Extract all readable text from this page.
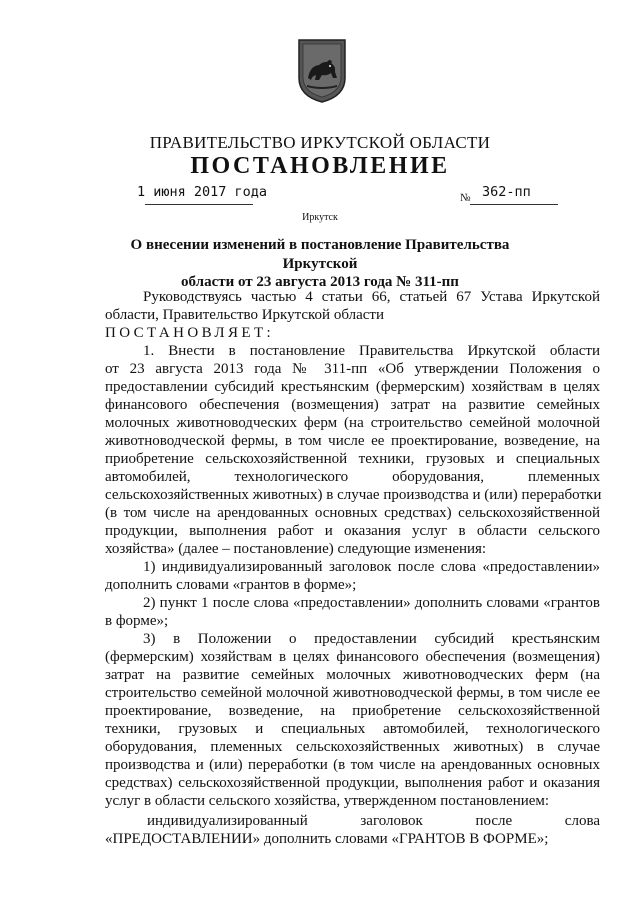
ПРАВИТЕЛЬСТВО ИРКУТСКОЙ ОБЛАСТИ
ПОСТАНОВЛЕНИЕ
1 июня 2017 года	№ 362-пп
Иркутск
О внесении изменений в постановление Правительства Иркутской
области от 23 августа 2013 года № 311-пп
Руководствуясь частью 4 статьи 66, статьей 67 Устава Иркутской
области, Правительство Иркутской области
ПОСТАНОВЛЯЕТ:
1. Внести в постановление Правительства Иркутской области
от 23 августа 2013 года № 311-пп «Об утверждении Положения о
предоставлении субсидий крестьянским (фермерским) хозяйствам в целях
финансового обеспечения (возмещения) затрат на развитие семейных
молочных животноводческих ферм (на строительство семейной молочной
животноводческой фермы, в том числе ее проектирование, возведение, на
приобретение сельскохозяйственной техники, грузовых и специальных
автомобилей, технологического оборудования, племенных
сельскохозяйственных животных) в случае производства и (или) переработки
(в том числе на арендованных основных средствах) сельскохозяйственной
продукции, выполнения работ и оказания услуг в области сельского
хозяйства» (далее – постановление) следующие изменения:
1) индивидуализированный заголовок после слова «предоставлении»
дополнить словами «грантов в форме»;
2) пункт 1 после слова «предоставлении» дополнить словами «грантов
в форме»;
3) в Положении о предоставлении субсидий крестьянским
(фермерским) хозяйствам в целях финансового обеспечения (возмещения)
затрат на развитие семейных молочных животноводческих ферм (на
строительство семейной молочной животноводческой фермы, в том числе ее
проектирование, возведение, на приобретение сельскохозяйственной
техники, грузовых и специальных автомобилей, технологического
оборудования, племенных сельскохозяйственных животных) в случае
производства и (или) переработки (в том числе на арендованных основных
средствах) сельскохозяйственной продукции, выполнения работ и оказания
услуг в области сельского хозяйства, утвержденном постановлением:
индивидуализированный заголовок после слова
«ПРЕДОСТАВЛЕНИИ» дополнить словами «ГРАНТОВ В ФОРМЕ»;
